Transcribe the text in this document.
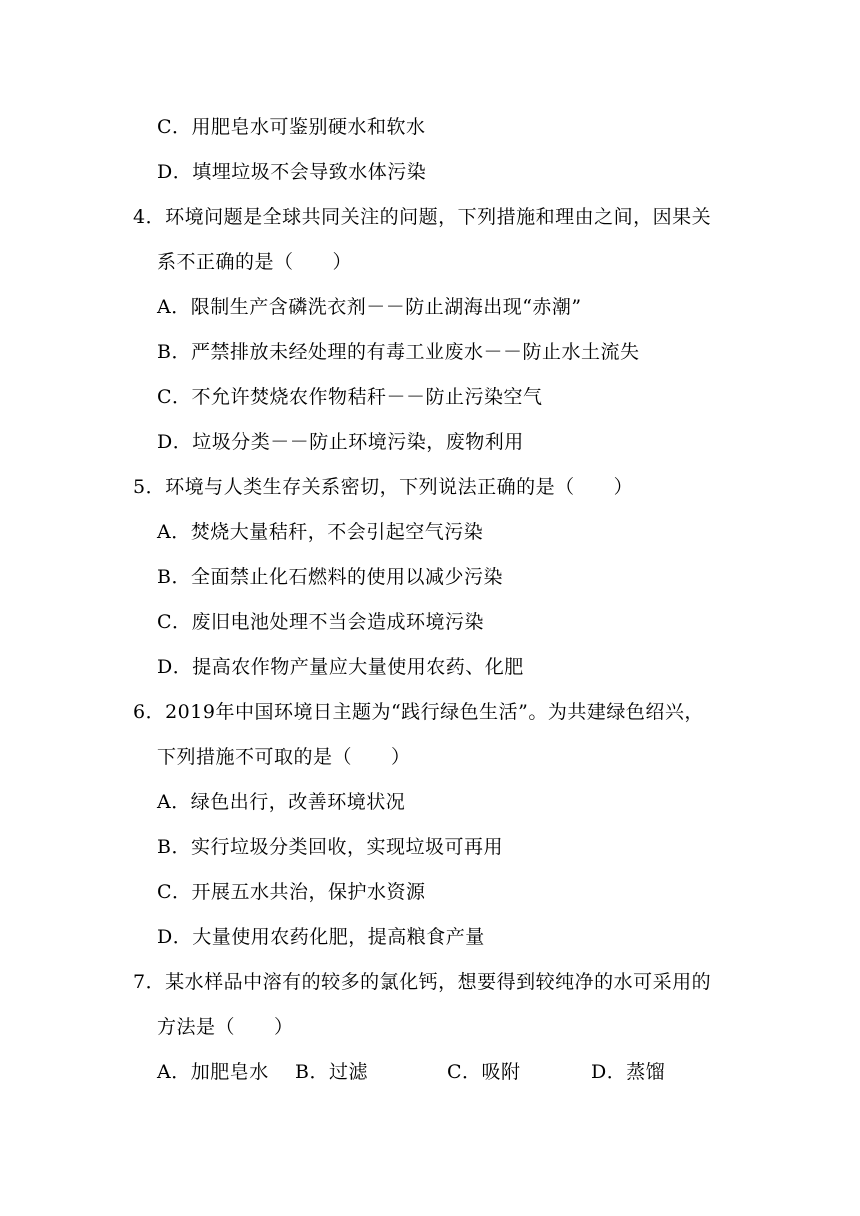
C．用肥皂水可鉴别硬水和软水
D．填埋垃圾不会导致水体污染
4．环境问题是全球共同关注的问题，下列措施和理由之间，因果关
系不正确的是（　　）
A．限制生产含磷洗衣剂－－防止湖海出现“赤潮”
B．严禁排放未经处理的有毒工业废水－－防止水土流失
C．不允许焚烧农作物秸秆－－防止污染空气
D．垃圾分类－－防止环境污染，废物利用
5．环境与人类生存关系密切，下列说法正确的是（　　）
A．焚烧大量秸秆，不会引起空气污染
B．全面禁止化石燃料的使用以减少污染
C．废旧电池处理不当会造成环境污染
D．提高农作物产量应大量使用农药、化肥
6．2019年中国环境日主题为“践行绿色生活”。为共建绿色绍兴，
下列措施不可取的是（　　）
A．绿色出行，改善环境状况
B．实行垃圾分类回收，实现垃圾可再用
C．开展五水共治，保护水资源
D．大量使用农药化肥，提高粮食产量
7．某水样品中溶有的较多的氯化钙，想要得到较纯净的水可采用的
方法是（　　）
A．加肥皂水 B．过滤	C．吸附	D．蒸馏
